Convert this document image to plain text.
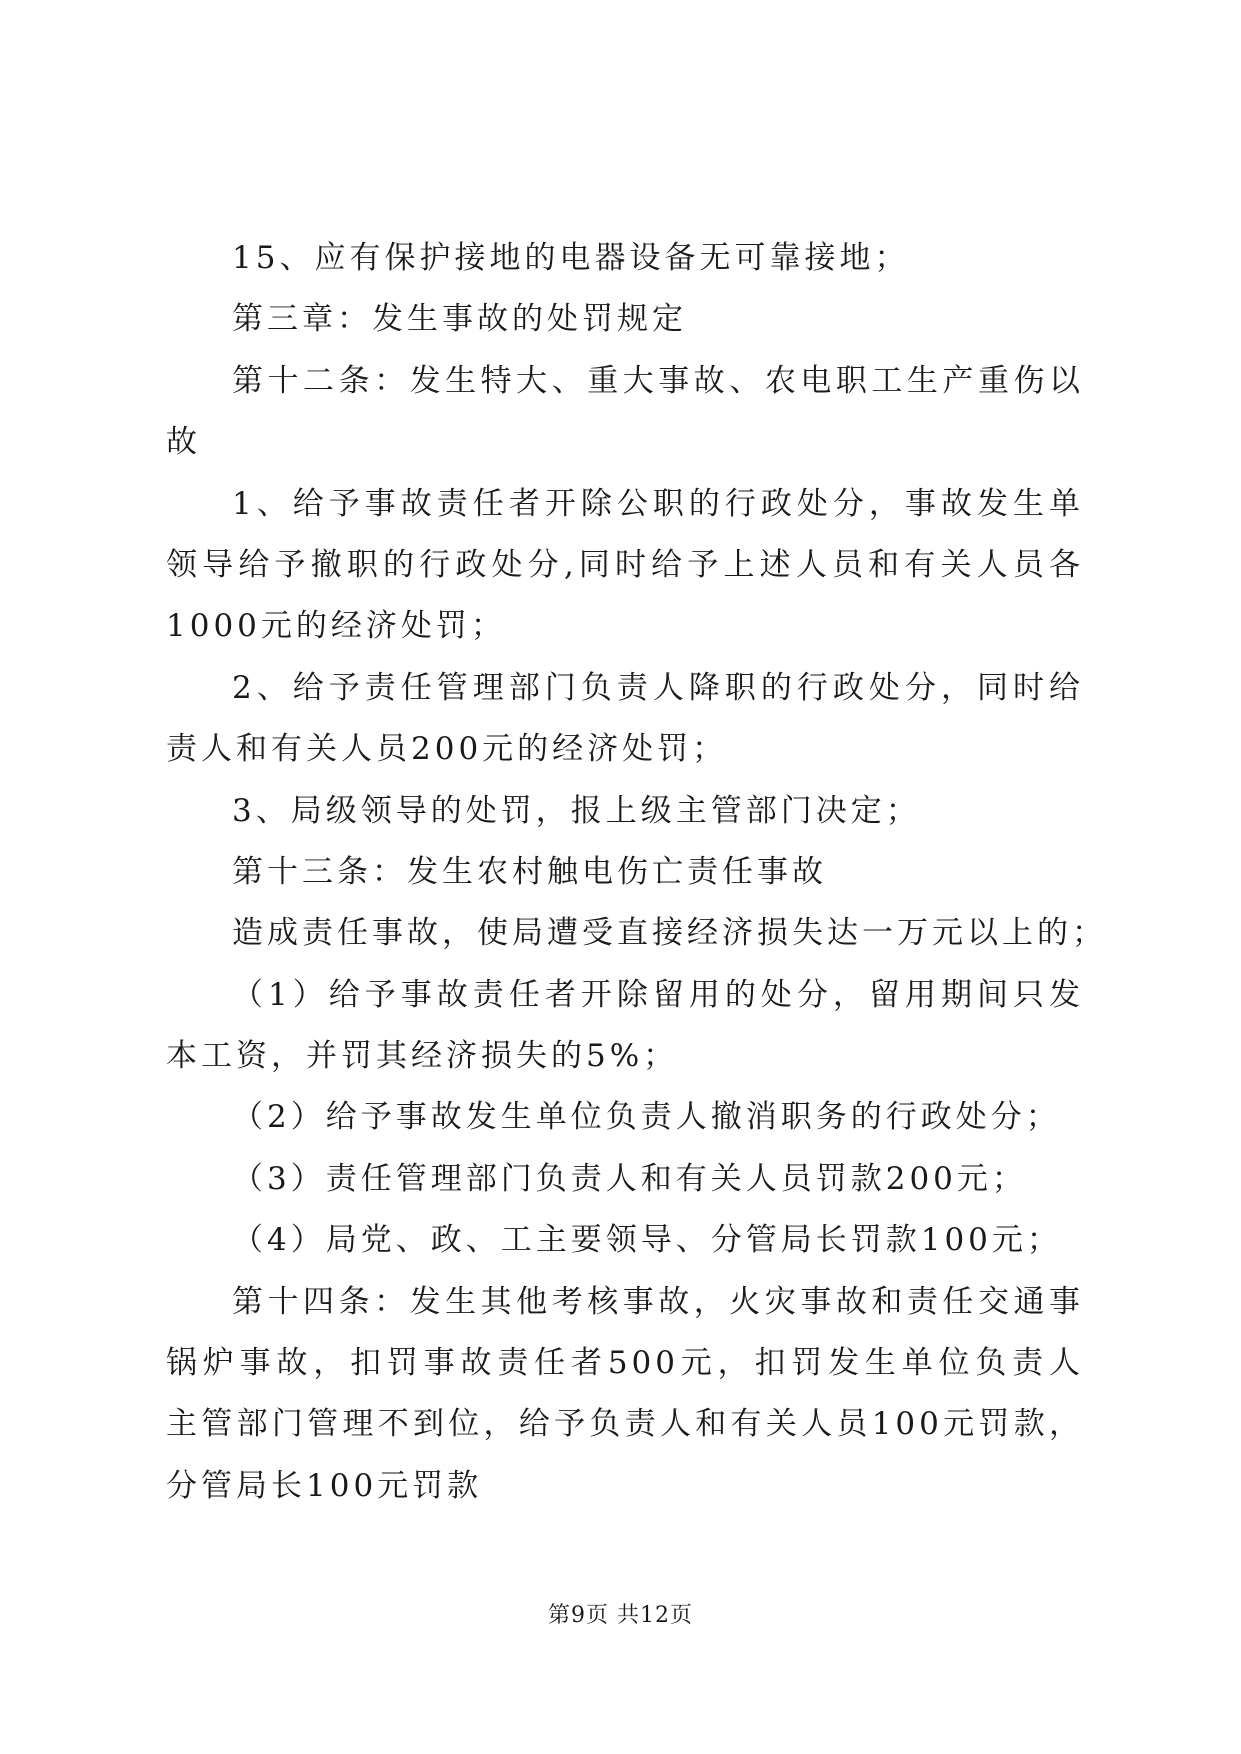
15、应有保护接地的电器设备无可靠接地；
第三章：发生事故的处罚规定
第十二条：发生特大、重大事故、农电职工生产重伤以
故
1、给予事故责任者开除公职的行政处分，事故发生单
领导给予撤职的行政处分,同时给予上述人员和有关人员各
1000元的经济处罚；
2、给予责任管理部门负责人降职的行政处分，同时给
责人和有关人员200元的经济处罚；
3、局级领导的处罚，报上级主管部门决定；
第十三条：发生农村触电伤亡责任事故
造成责任事故，使局遭受直接经济损失达一万元以上的；
（1）给予事故责任者开除留用的处分，留用期间只发
本工资，并罚其经济损失的5%；
（2）给予事故发生单位负责人撤消职务的行政处分；
（3）责任管理部门负责人和有关人员罚款200元；
（4）局党、政、工主要领导、分管局长罚款100元；
第十四条：发生其他考核事故，火灾事故和责任交通事
锅炉事故，扣罚事故责任者500元，扣罚发生单位负责人
主管部门管理不到位，给予负责人和有关人员100元罚款，
分管局长100元罚款
第9页 共12页
